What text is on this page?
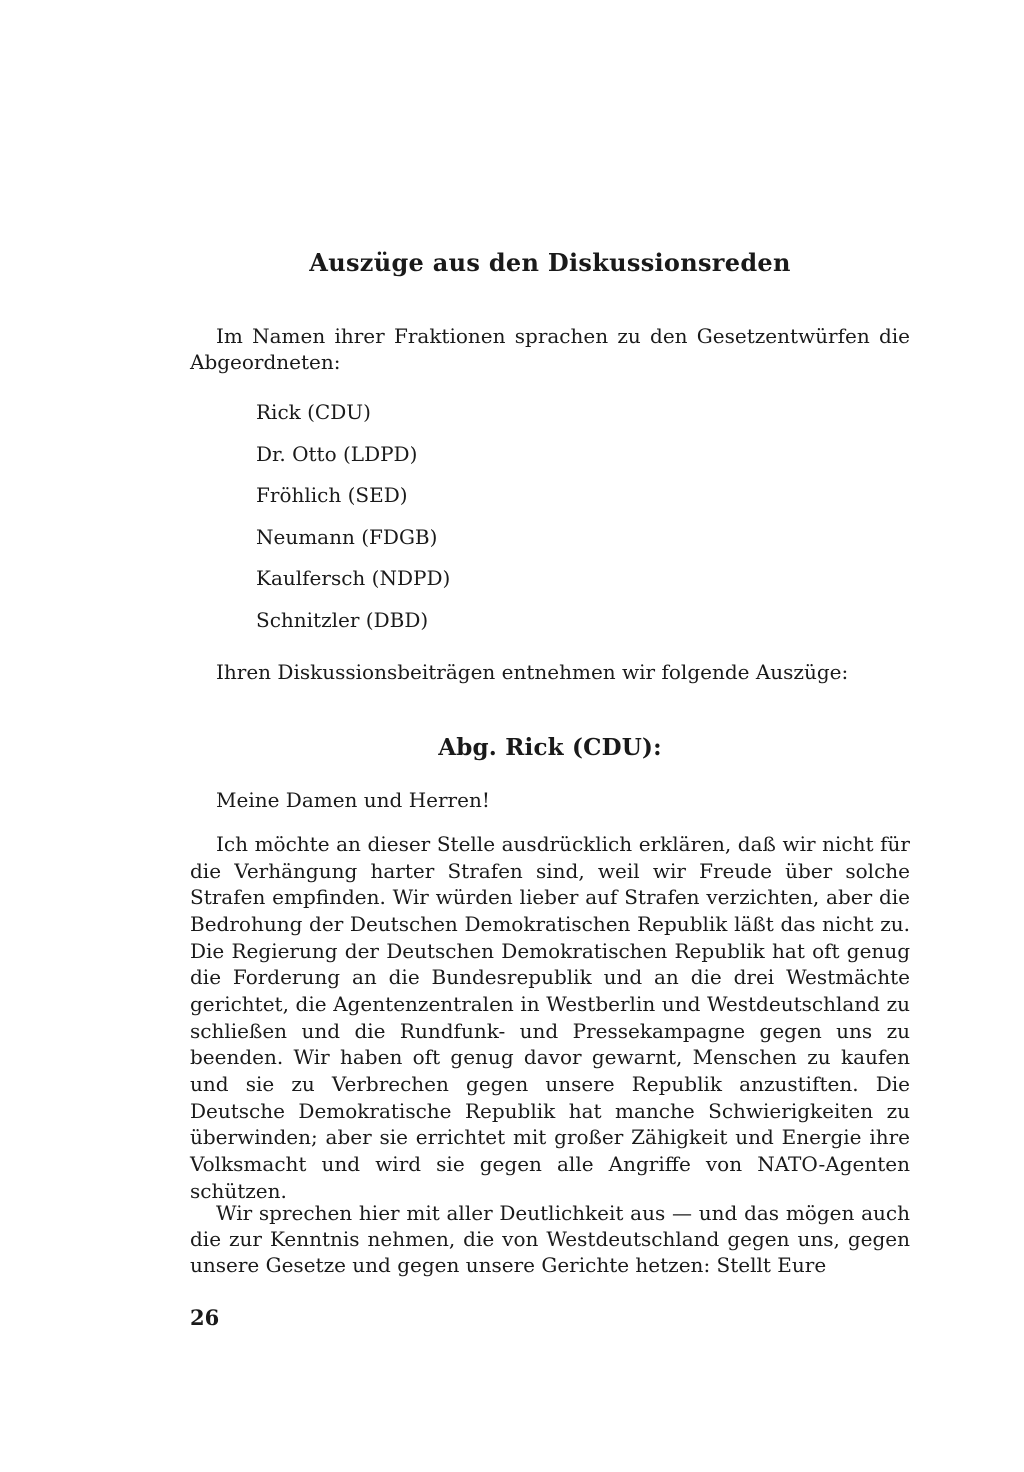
Auszüge aus den Diskussionsreden

Im Namen ihrer Fraktionen sprachen zu den Gesetzentwürfen die Abgeordneten:

Rick (CDU)
Dr. Otto (LDPD)
Fröhlich (SED)
Neumann (FDGB)
Kaulfersch (NDPD)
Schnitzler (DBD)

Ihren Diskussionsbeiträgen entnehmen wir folgende Auszüge:

Abg. Rick (CDU):

Meine Damen und Herren!

Ich möchte an dieser Stelle ausdrücklich erklären, daß wir nicht für die Verhängung harter Strafen sind, weil wir Freude über solche Strafen empfinden. Wir würden lieber auf Strafen verzichten, aber die Bedrohung der Deutschen Demokratischen Republik läßt das nicht zu. Die Regierung der Deutschen Demokratischen Republik hat oft genug die Forderung an die Bundesrepublik und an die drei Westmächte gerichtet, die Agentenzentralen in Westberlin und Westdeutschland zu schließen und die Rundfunk- und Pressekampagne gegen uns zu beenden. Wir haben oft genug davor gewarnt, Menschen zu kaufen und sie zu Verbrechen gegen unsere Republik anzustiften. Die Deutsche Demokratische Republik hat manche Schwierigkeiten zu überwinden; aber sie errichtet mit großer Zähigkeit und Energie ihre Volksmacht und wird sie gegen alle Angriffe von NATO-Agenten schützen.

Wir sprechen hier mit aller Deutlichkeit aus — und das mögen auch die zur Kenntnis nehmen, die von Westdeutschland gegen uns, gegen unsere Gesetze und gegen unsere Gerichte hetzen: Stellt Eure

26
